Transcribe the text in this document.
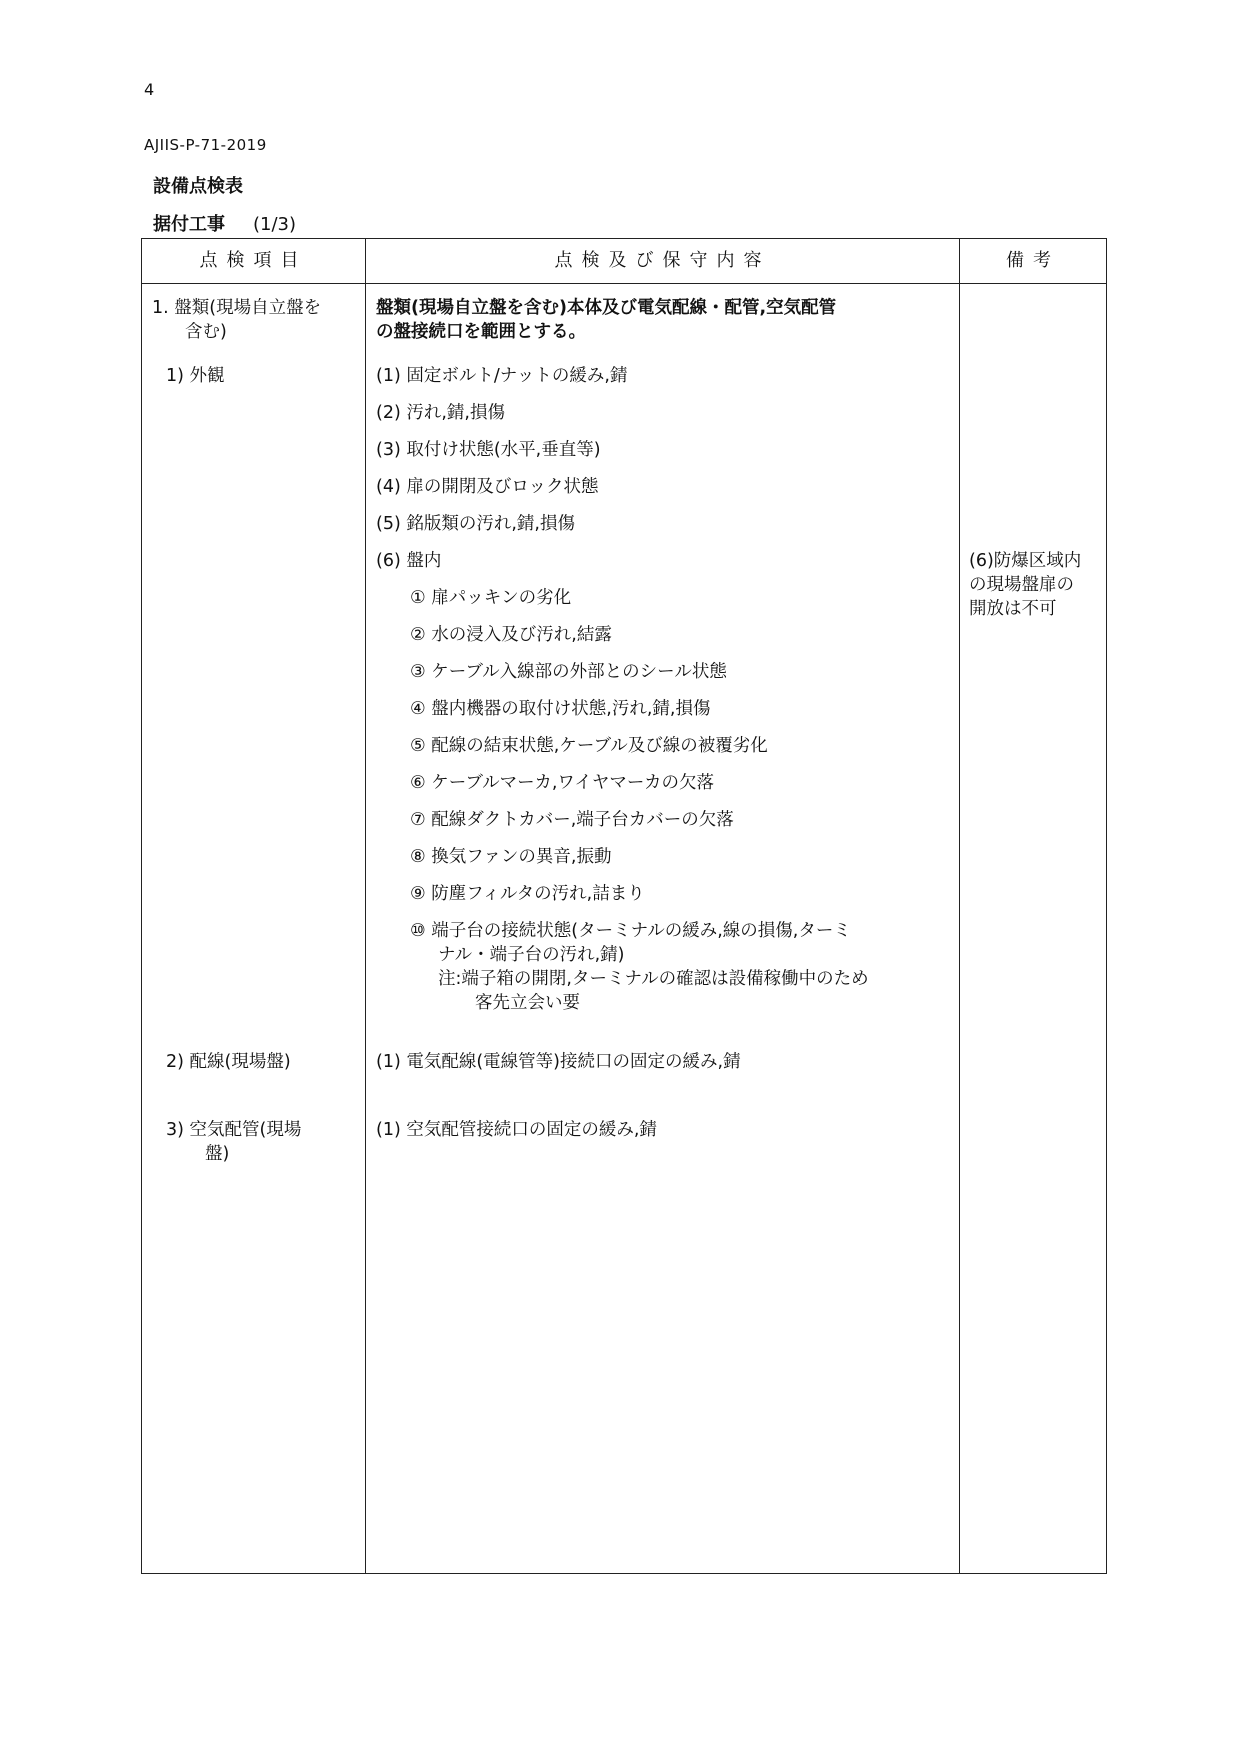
4
AJIIS-P-71-2019
設備点検表
据付工事 (1/3)
点検項目	点検及び保守内容	備考
1. 盤類(現場自立盤を
含む)
1) 外観
2) 配線(現場盤)
3) 空気配管(現場
盤)
盤類(現場自立盤を含む)本体及び電気配線・配管,空気配管
の盤接続口を範囲とする。
(1) 固定ボルト/ナットの緩み,錆
(2) 汚れ,錆,損傷
(3) 取付け状態(水平,垂直等)
(4) 扉の開閉及びロック状態
(5) 銘版類の汚れ,錆,損傷
(6) 盤内
① 扉パッキンの劣化
② 水の浸入及び汚れ,結露
③ ケーブル入線部の外部とのシール状態
④ 盤内機器の取付け状態,汚れ,錆,損傷
⑤ 配線の結束状態,ケーブル及び線の被覆劣化
⑥ ケーブルマーカ,ワイヤマーカの欠落
⑦ 配線ダクトカバー,端子台カバーの欠落
⑧ 換気ファンの異音,振動
⑨ 防塵フィルタの汚れ,詰まり
⑩ 端子台の接続状態(ターミナルの緩み,線の損傷,ターミ
ナル・端子台の汚れ,錆)
注:端子箱の開閉,ターミナルの確認は設備稼働中のため
客先立会い要
(1) 電気配線(電線管等)接続口の固定の緩み,錆
(1) 空気配管接続口の固定の緩み,錆
(6)防爆区域内
の現場盤扉の
開放は不可
